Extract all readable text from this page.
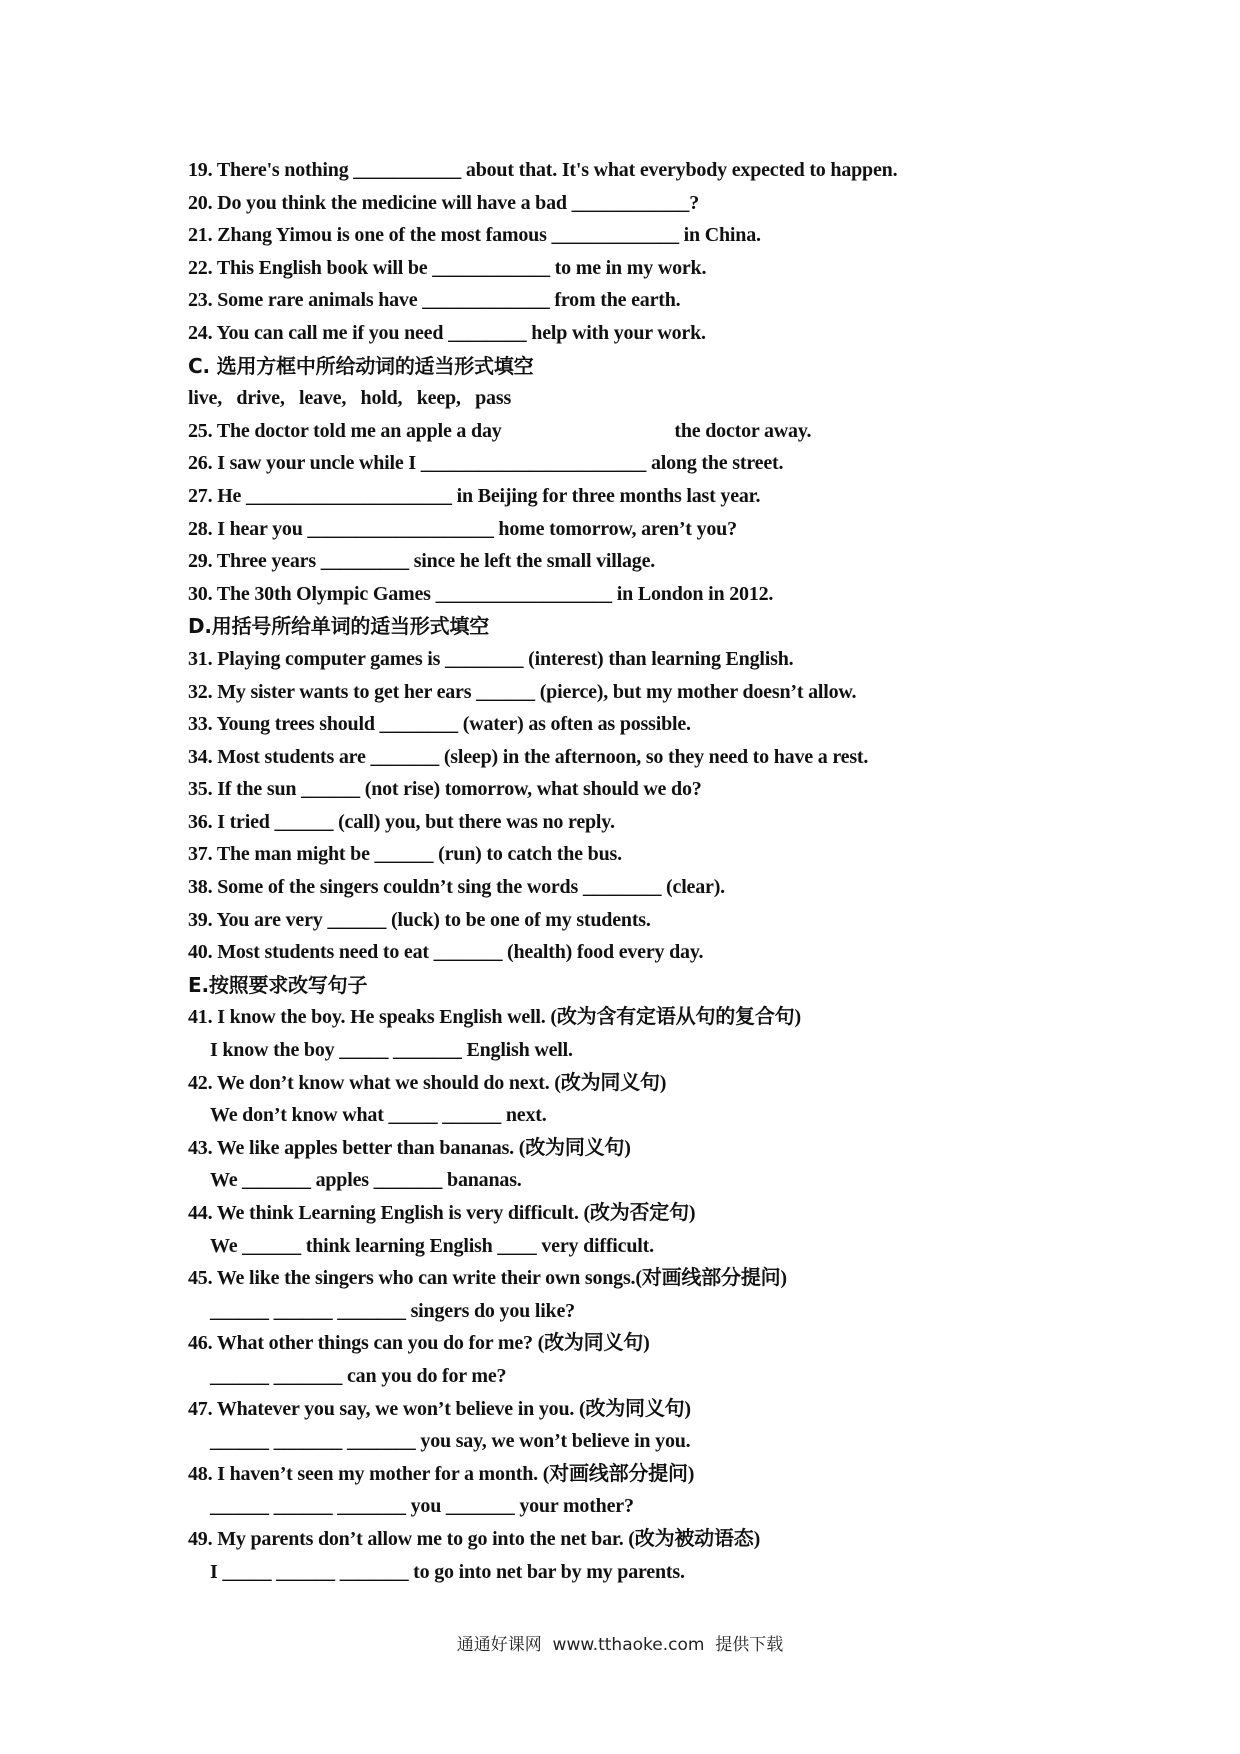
19. There's nothing ___________ about that. It's what everybody expected to happen.
20. Do you think the medicine will have a bad ____________?
21. Zhang Yimou is one of the most famous _____________ in China.
22. This English book will be ____________ to me in my work.
23. Some rare animals have _____________ from the earth.
24. You can call me if you need ________ help with your work.
C. 选用方框中所给动词的适当形式填空
live,   drive,   leave,   hold,   keep,   pass
25. The doctor told me an apple a day                                    the doctor away.
26. I saw your uncle while I _______________________ along the street.
27. He _____________________ in Beijing for three months last year.
28. I hear you ___________________ home tomorrow, aren’t you?
29. Three years _________ since he left the small village.
30. The 30th Olympic Games __________________ in London in 2012.
D.用括号所给单词的适当形式填空
31. Playing computer games is ________ (interest) than learning English.
32. My sister wants to get her ears ______ (pierce), but my mother doesn’t allow.
33. Young trees should ________ (water) as often as possible.
34. Most students are _______ (sleep) in the afternoon, so they need to have a rest.
35. If the sun ______ (not rise) tomorrow, what should we do?
36. I tried ______ (call) you, but there was no reply.
37. The man might be ______ (run) to catch the bus.
38. Some of the singers couldn’t sing the words ________ (clear).
39. You are very ______ (luck) to be one of my students.
40. Most students need to eat _______ (health) food every day.
E.按照要求改写句子
41. I know the boy. He speaks English well. (改为含有定语从句的复合句)
I know the boy _____ _______ English well.
42. We don’t know what we should do next. (改为同义句)
We don’t know what _____ ______ next.
43. We like apples better than bananas. (改为同义句)
We _______ apples _______ bananas.
44. We think Learning English is very difficult. (改为否定句)
We ______ think learning English ____ very difficult.
45. We like the singers who can write their own songs.(对画线部分提问)
______ ______ _______ singers do you like?
46. What other things can you do for me? (改为同义句)
______ _______ can you do for me?
47. Whatever you say, we won’t believe in you. (改为同义句)
______ _______ _______ you say, we won’t believe in you.
48. I haven’t seen my mother for a month. (对画线部分提问)
______ ______ _______ you _______ your mother?
49. My parents don’t allow me to go into the net bar. (改为被动语态)
I _____ ______ _______ to go into net bar by my parents.
通通好课网  www.tthaoke.com  提供下载
